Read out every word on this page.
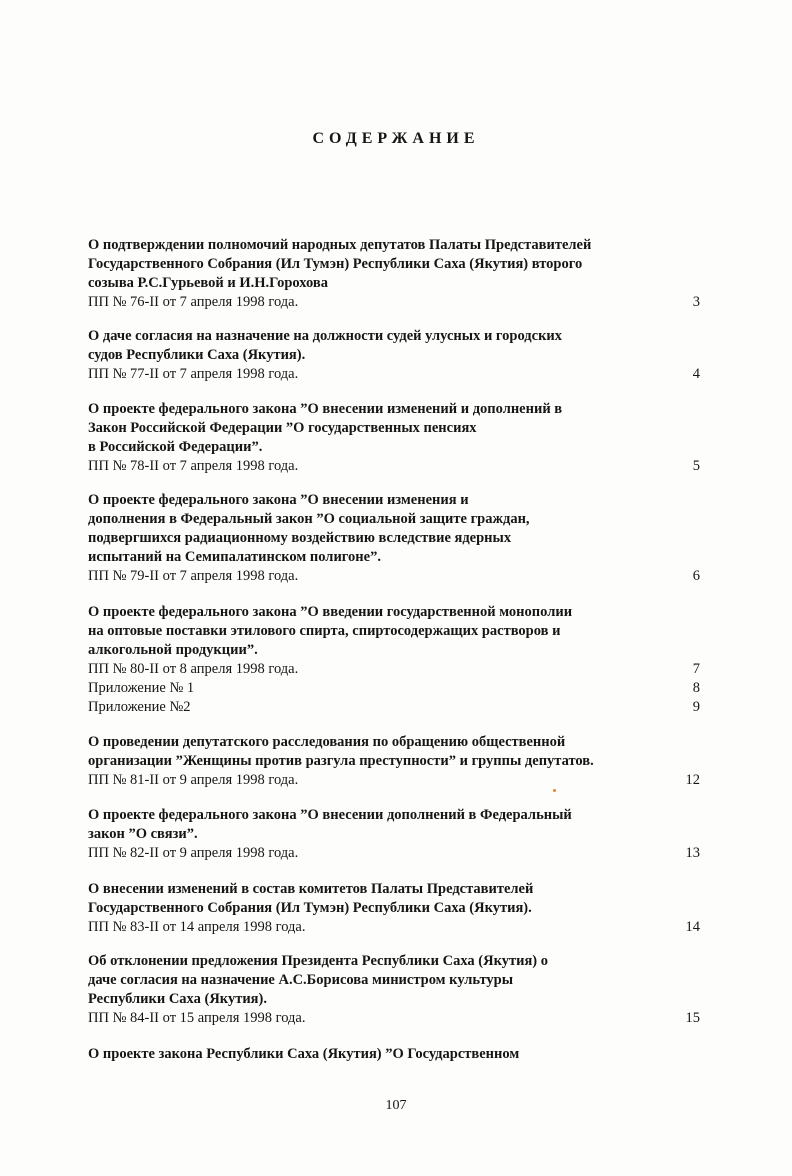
СОДЕРЖАНИЕ
О подтверждении полномочий народных депутатов Палаты Представителей
Государственного Собрания (Ил Тумэн) Республики Саха (Якутия) второго
созыва Р.С.Гурьевой и И.Н.Горохова
ПП № 76-II от 7 апреля 1998 года.	3
О даче согласия на назначение на должности судей улусных и городских
судов Республики Саха (Якутия).
ПП № 77-II от 7 апреля 1998 года.	4
О проекте федерального закона ”О внесении изменений и дополнений в
Закон Российской Федерации ”О государственных пенсиях
в Российской Федерации”.
ПП № 78-II от 7 апреля 1998 года.	5
О проекте федерального закона ”О внесении изменения и
дополнения в Федеральный закон ”О социальной защите граждан,
подвергшихся радиационному воздействию вследствие ядерных
испытаний на Семипалатинском полигоне”.
ПП № 79-II от 7 апреля 1998 года.	6
О проекте федерального закона ”О введении государственной монополии
на оптовые поставки этилового спирта, спиртосодержащих растворов и
алкогольной продукции”.
ПП № 80-II от 8 апреля 1998 года.	7
Приложение № 1	8
Приложение №2	9
О проведении депутатского расследования по обращению общественной
организации ”Женщины против разгула преступности” и группы депутатов.
ПП № 81-II от 9 апреля 1998 года.	12
О проекте федерального закона ”О внесении дополнений в Федеральный
закон ”О связи”.
ПП № 82-II от 9 апреля 1998 года.	13
О внесении изменений в состав комитетов Палаты Представителей
Государственного Собрания (Ил Тумэн) Республики Саха (Якутия).
ПП № 83-II от 14 апреля 1998 года.	14
Об отклонении предложения Президента Республики Саха (Якутия) о
даче согласия на назначение А.С.Борисова министром культуры
Республики Саха (Якутия).
ПП № 84-II от 15 апреля 1998 года.	15
О проекте закона Республики Саха (Якутия) ”О Государственном
107
